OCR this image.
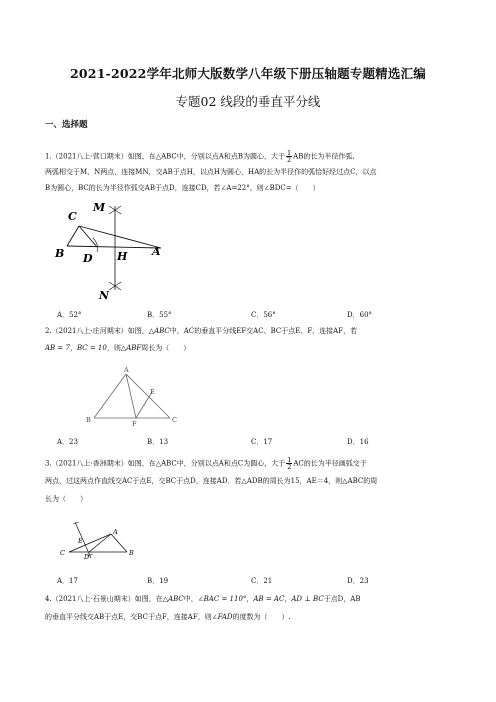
2021-2022学年北师大版数学八年级下册压轴题专题精选汇编
专题02 线段的垂直平分线
一、选择题
1.（2021八上·营口期末）如图，在△ABC中，分别以点A和点B为圆心，大于 $\frac{1}{2}$ AB的长为半径作弧,
两弧相交于M、N两点，连接MN，交AB于点H，以点H为圆心，HA的长为半径作的弧恰好经过点C，以点
B为圆心，BC的长为半径作弧交AB于点D，连接CD，若∠A=22°，则∠BDC=（　　）
C
M
B D H A
N
A．52°	B．55°	C．56°	D．60°
2.（2021八上·庄河期末）如图，△ABC中，AC的垂直平分线EF交AC、BC于点E、F，连接AF，若
AB = 7，BC = 10，则△ABF周长为（　　）
A
E
B	F	C
A．23	B．13	C．17	D．16
3.（2021八上·香洲期末）如图，在△ABC中，分别以点A和点C为圆心，大于 $\frac{1}{2}$ AC的长为半径画弧交于
两点，过这两点作直线交AC于点E，交BC于点D，连接AD．若△ADB的周长为15，AE＝4，则△ABC的周
长为（　　）
A
E
C	D	B
A．17	B．19	C．21	D．23
4.（2021八上·石景山期末）如图，在△ABC中，∠BAC = 110°，AB = AC，AD ⊥ BC于点D，AB
的垂直平分线交AB于点E，交BC于点F，连接AF，则∠FAD的度数为（　　）.
